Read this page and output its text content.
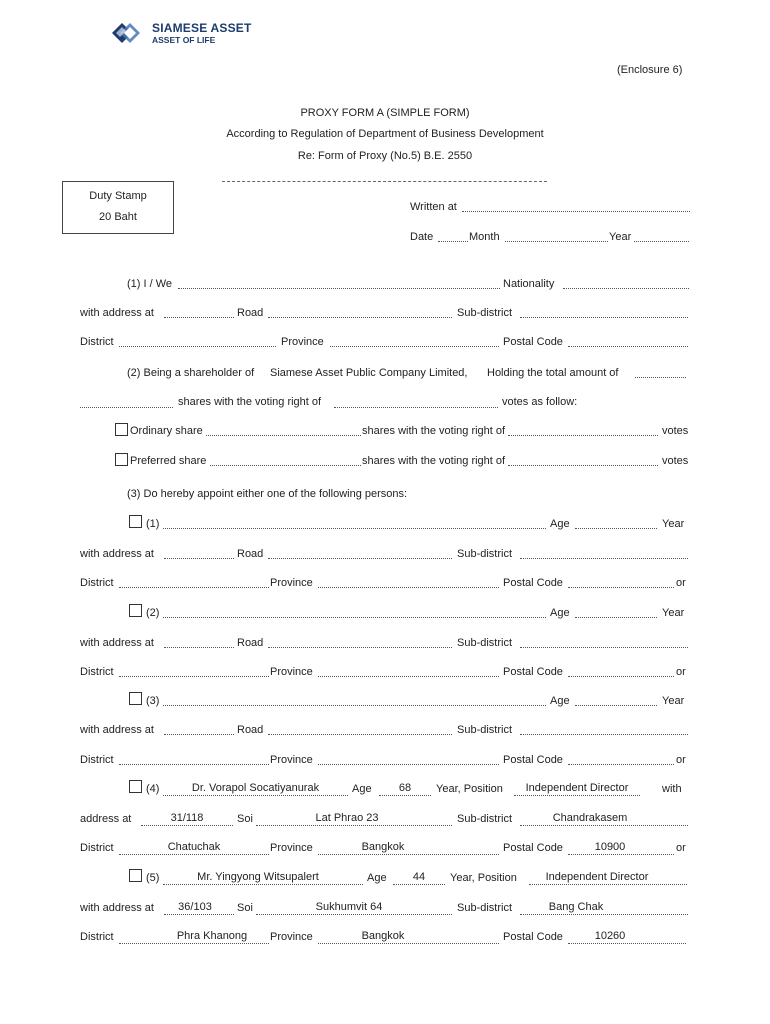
SIAMESE ASSET
ASSET OF LIFE
(Enclosure 6)
PROXY FORM A (SIMPLE FORM)
According to Regulation of Department of Business Development
Re: Form of Proxy (No.5) B.E. 2550
Duty Stamp
20 Baht
Written at
Date	Month	Year
(1) I / We	Nationality
with address at	Road	Sub-district
District	Province	Postal Code
(2) Being a shareholder of Siamese Asset Public Company Limited, Holding the total amount of
shares with the voting right of	votes as follow:
Ordinary share	shares with the voting right of	votes
Preferred share	shares with the voting right of	votes
(3) Do hereby appoint either one of the following persons:
(1)	Age	Year
with address at	Road	Sub-district
District	Province	Postal Code	or
(2)	Age	Year
with address at	Road	Sub-district
District	Province	Postal Code	or
(3)	Age	Year
with address at	Road	Sub-district
District	Province	Postal Code	or
(4)	Dr. Vorapol Socatiyanurak	Age	68	Year, Position	Independent Director	with
address at	31/118	Soi	Lat Phrao 23	Sub-district	Chandrakasem
District	Chatuchak	Province	Bangkok	Postal Code	10900	or
(5)	Mr. Yingyong Witsupalert	Age	44	Year, Position	Independent Director
with address at	36/103	Soi	Sukhumvit 64	Sub-district	Bang Chak
District	Phra Khanong	Province	Bangkok	Postal Code	10260
